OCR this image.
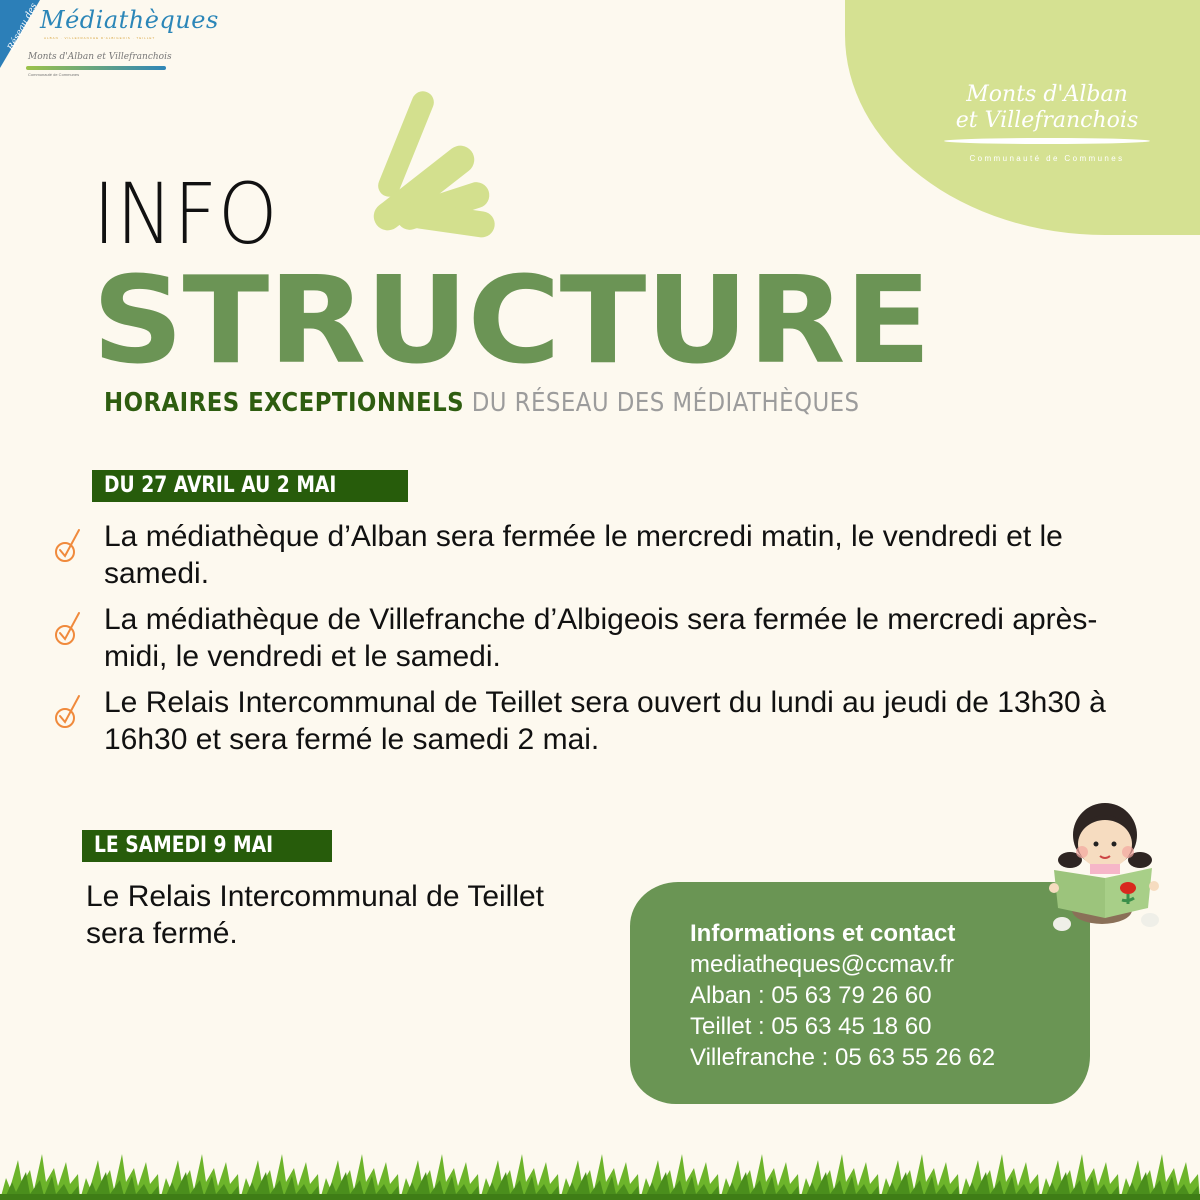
Réseau des Médiathèques
ALBAN · VILLEFRANCHE D'ALBIGEOIS · TEILLET
Monts d'Alban et Villefranchois
Communauté de Communes
Monts d'Alban
et Villefranchois
Communauté de Communes
INFO
STRUCTURE
HORAIRES EXCEPTIONNELS DU RÉSEAU DES MÉDIATHÈQUES
DU 27 AVRIL AU 2 MAI
La médiathèque d’Alban sera fermée le mercredi matin, le vendredi et le samedi.
La médiathèque de Villefranche d’Albigeois sera fermée le mercredi après-midi, le vendredi et le samedi.
Le Relais Intercommunal de Teillet sera ouvert du lundi au jeudi de 13h30 à 16h30 et sera fermé le samedi 2 mai.
LE SAMEDI 9 MAI
Le Relais Intercommunal de Teillet sera fermé.	Informations et contact
mediatheques@ccmav.fr
Alban : 05 63 79 26 60
Teillet : 05 63 45 18 60
Villefranche : 05 63 55 26 62
